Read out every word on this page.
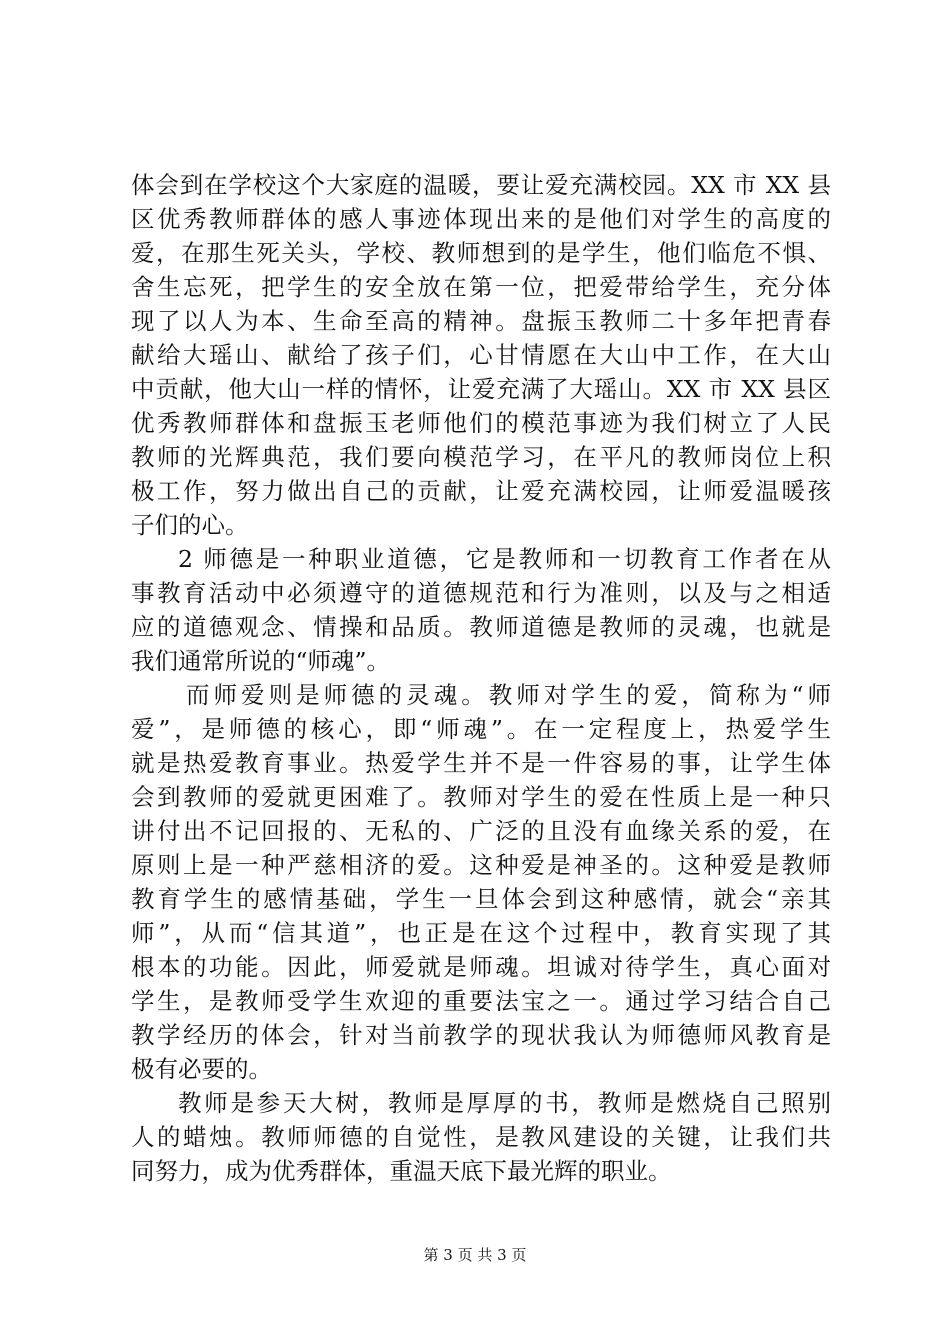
体会到在学校这个大家庭的温暖，要让爱充满校园。XX 市 XX 县
区优秀教师群体的感人事迹体现出来的是他们对学生的高度的
爱，在那生死关头，学校、教师想到的是学生，他们临危不惧、
舍生忘死，把学生的安全放在第一位，把爱带给学生，充分体
现了以人为本、生命至高的精神。盘振玉教师二十多年把青春
献给大瑶山、献给了孩子们，心甘情愿在大山中工作，在大山
中贡献，他大山一样的情怀，让爱充满了大瑶山。XX 市 XX 县区
优秀教师群体和盘振玉老师他们的模范事迹为我们树立了人民
教师的光辉典范，我们要向模范学习，在平凡的教师岗位上积
极工作，努力做出自己的贡献，让爱充满校园，让师爱温暖孩
子们的心。
2 师德是一种职业道德，它是教师和一切教育工作者在从
事教育活动中必须遵守的道德规范和行为准则，以及与之相适
应的道德观念、情操和品质。教师道德是教师的灵魂，也就是
我们通常所说的“师魂”。
而师爱则是师德的灵魂。教师对学生的爱，简称为“师
爱”，是师德的核心，即“师魂”。在一定程度上，热爱学生
就是热爱教育事业。热爱学生并不是一件容易的事，让学生体
会到教师的爱就更困难了。教师对学生的爱在性质上是一种只
讲付出不记回报的、无私的、广泛的且没有血缘关系的爱，在
原则上是一种严慈相济的爱。这种爱是神圣的。这种爱是教师
教育学生的感情基础，学生一旦体会到这种感情，就会“亲其
师”，从而“信其道”，也正是在这个过程中，教育实现了其
根本的功能。因此，师爱就是师魂。坦诚对待学生，真心面对
学生，是教师受学生欢迎的重要法宝之一。通过学习结合自己
教学经历的体会，针对当前教学的现状我认为师德师风教育是
极有必要的。
教师是参天大树，教师是厚厚的书，教师是燃烧自己照别
人的蜡烛。教师师德的自觉性，是教风建设的关键，让我们共
同努力，成为优秀群体，重温天底下最光辉的职业。
第 3 页 共 3 页
